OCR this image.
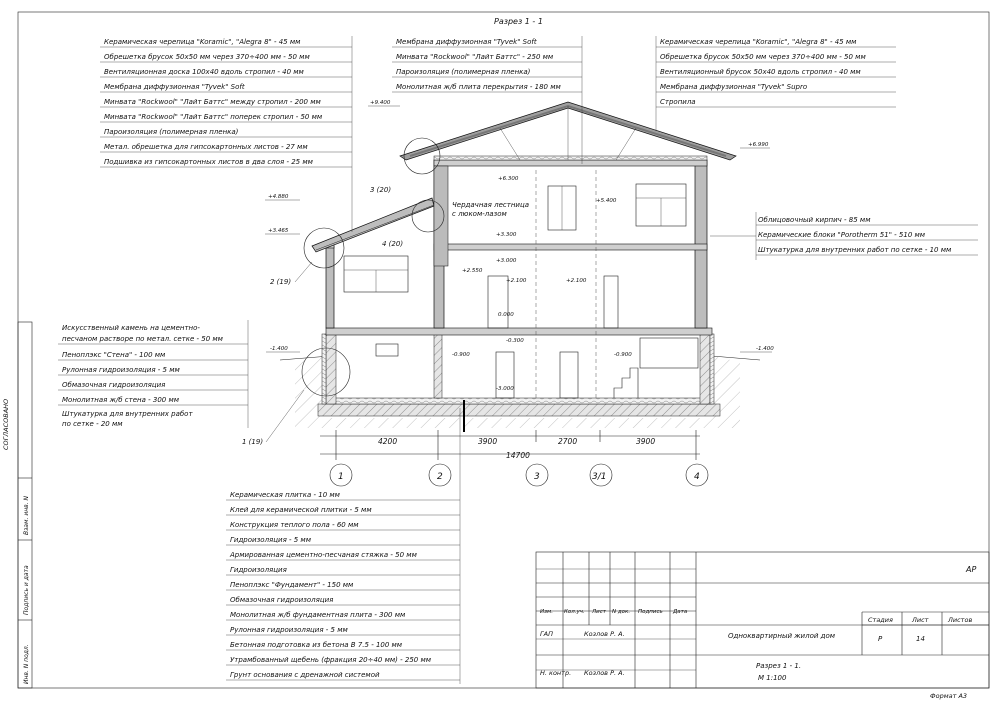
СОГЛАСОВАНО
Взам. инв. N
Подпись и дата
Инв. N подл.
Разрез 1 - 1
3 (20)
4 (20)
2 (19)
1 (19)
Чердачная лестница
с люком-лазом
+9.400
+6.990
+6.300
+5.400
+4.880
+3.465
+3.300
+3.000
+2.550
+2.100	+2.100
0.000
-0.300
-0.900	-0.900
-1.400	-1.400
-3.000
4200	3900	2700	3900
14700
1	2	3	3/1	4
Керамическая черепица "Koramic", "Alegra 8" - 45 мм
Обрешетка брусок 50х50 мм через 370÷400 мм - 50 мм
Вентиляционная доска 100х40 вдоль стропил - 40 мм
Мембрана диффузионная "Tyvek" Soft
Минвата "Rockwool" "Лайт Баттс" между стропил - 200 мм
Минвата "Rockwool" "Лайт Баттс" поперек стропил - 50 мм
Пароизоляция (полимерная пленка)
Метал. обрешетка для гипсокартонных листов - 27 мм
Подшивка из гипсокартонных листов в два слоя - 25 мм
Мембрана диффузионная "Tyvek" Soft
Минвата "Rockwool" "Лайт Баттс" - 250 мм
Пароизоляция (полимерная пленка)
Монолитная ж/б плита перекрытия - 180 мм
Керамическая черепица "Koramic", "Alegra 8" - 45 мм
Обрешетка брусок 50х50 мм через 370÷400 мм - 50 мм
Вентиляционный брусок 50х40 вдоль стропил - 40 мм
Мембрана диффузионная "Tyvek" Supro
Стропила
Облицовочный кирпич - 85 мм
Керамические блоки "Porotherm 51" - 510 мм
Штукатурка для внутренних работ по сетке - 10 мм
Искусственный камень на цементно-
песчаном растворе по метал. сетке - 50 мм
Пеноплэкс "Стена" - 100 мм
Рулонная гидроизоляция - 5 мм
Обмазочная гидроизоляция
Монолитная ж/б стена - 300 мм
Штукатурка для внутренних работ
по сетке - 20 мм
Керамическая плитка - 10 мм
Клей для керамической плитки - 5 мм
Конструкция теплого пола - 60 мм
Гидроизоляция - 5 мм
Армированная цементно-песчаная стяжка - 50 мм
Гидроизоляция
Пеноплэкс "Фундамент" - 150 мм
Обмазочная гидроизоляция
Монолитная ж/б фундаментная плита - 300 мм
Рулонная гидроизоляция - 5 мм
Бетонная подготовка из бетона В 7.5 - 100 мм
Утрамбованный щебень (фракция 20÷40 мм) - 250 мм
Грунт основания с дренажной системой
АР
Изм. Кол.уч. Лист N док. Подпись Дата
ГАП	Козлов Р. А.
Н. контр. Козлов Р. А.
Одноквартирный жилой дом
Стадия	Лист	Листов
Р	14
Разрез 1 - 1.
М 1:100
Формат А3
